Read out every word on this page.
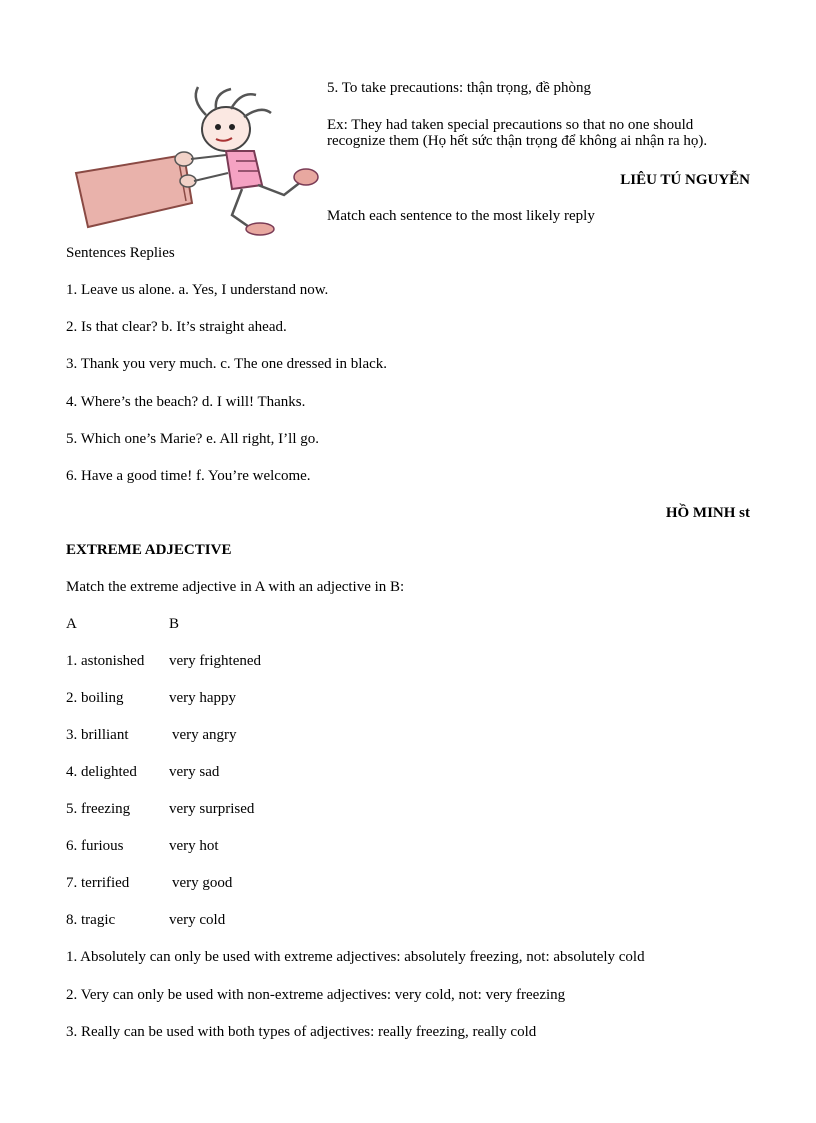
5. To take precautions: thận trọng, đề phòng
Ex: They had taken special precautions so that no one should
recognize them (Họ hết sức thận trọng để không ai nhận ra họ).
LIÊU TÚ NGUYỄN
Match each sentence to the most likely reply
Sentences Replies
1. Leave us alone. a. Yes, I understand now.
2. Is that clear? b. It’s straight ahead.
3. Thank you very much. c. The one dressed in black.
4. Where’s the beach? d. I will! Thanks.
5. Which one’s Marie? e. All right, I’ll go.
6. Have a good time! f. You’re welcome.
HỒ MINH st
EXTREME ADJECTIVE
Match the extreme adjective in A with an adjective in B:
A	B
1. astonished very frightened
2. boiling	very happy
3. brilliant	very angry
4. delighted very sad
5. freezing	very surprised
6. furious	very hot
7. terrified	very good
8. tragic	very cold
1. Absolutely can only be used with extreme adjectives: absolutely freezing, not: absolutely cold
2. Very can only be used with non-extreme adjectives: very cold, not: very freezing
3. Really can be used with both types of adjectives: really freezing, really cold
